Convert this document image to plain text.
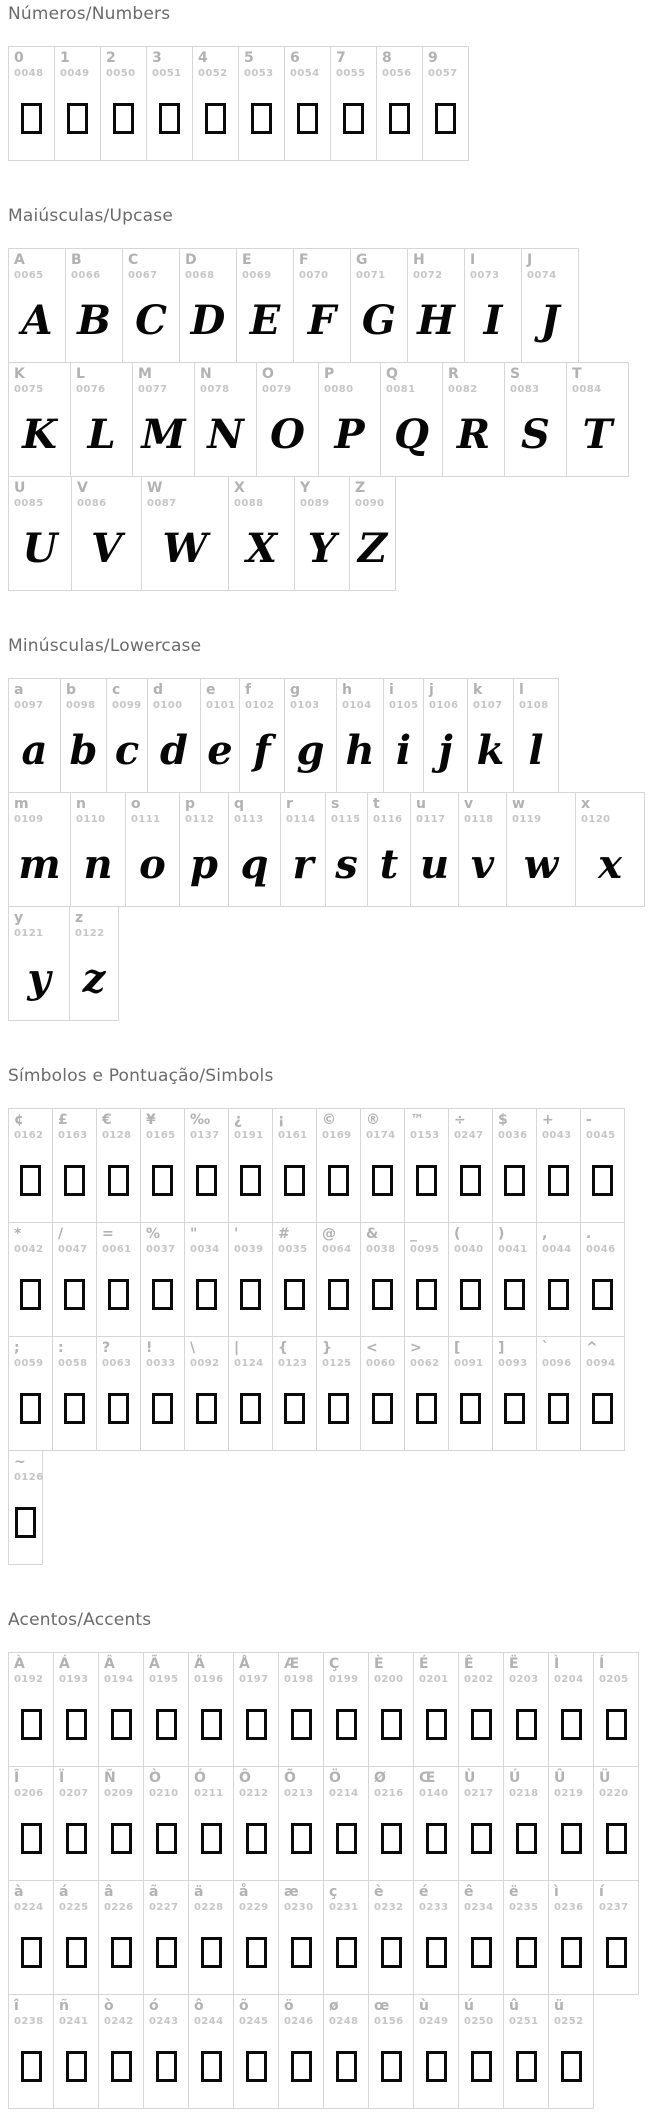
Números/Numbers
0
0048
1
0049
2
0050
3
0051
4
0052
5
0053
6
0054
7
0055
8
0056
9
0057
Maiúsculas/Upcase
A
0065
A
B
0066
B
C
0067
C
D
0068
D
E
0069
E
F
0070
F
G
0071
G
H
0072
H
I
0073
I
J
0074
J
K
0075
K
L
0076
L
M
0077
M
N
0078
N
O
0079
O
P
0080
P
Q
0081
Q
R
0082
R
S
0083
S
T
0084
T
U
0085
U
V
0086
V
W
0087
W
X
0088
X
Y
0089
Y
Z
0090
Z
Minúsculas/Lowercase
a
0097
a
b
0098
b
c
0099
c
d
0100
d
e
0101
e
f
0102
f
g
0103
g
h
0104
h
i
0105
i
j
0106
j
k
0107
k
l
0108
l
m
0109
m
n
0110
n
o
0111
o
p
0112
p
q
0113
q
r
0114
r
s
0115
s
t
0116
t
u
0117
u
v
0118
v
w
0119
w
x
0120
x
y
0121
y
z
0122
z
Símbolos e Pontuação/Simbols
¢
0162
£
0163
€
0128
¥
0165
‰
0137
¿
0191
¡
0161
©
0169
®
0174
™
0153
÷
0247
$
0036
+
0043
-
0045
*
0042
/
0047
=
0061
%
0037
"
0034
'
0039
#
0035
@
0064
&
0038
_
0095
(
0040
)
0041
,
0044
.
0046
;
0059
:
0058
?
0063
!
0033
\
0092
|
0124
{
0123
}
0125
<
0060
>
0062
[
0091
]
0093
`
0096
^
0094
~
0126
Acentos/Accents
À
0192
Á
0193
Â
0194
Ã
0195
Ä
0196
Å
0197
Æ
0198
Ç
0199
È
0200
É
0201
Ê
0202
Ë
0203
Ì
0204
Í
0205
Î
0206
Ï
0207
Ñ
0209
Ò
0210
Ó
0211
Ô
0212
Õ
0213
Ö
0214
Ø
0216
Œ
0140
Ù
0217
Ú
0218
Û
0219
Ü
0220
à
0224
á
0225
â
0226
ã
0227
ä
0228
å
0229
æ
0230
ç
0231
è
0232
é
0233
ê
0234
ë
0235
ì
0236
í
0237
î
0238
ñ
0241
ò
0242
ó
0243
ô
0244
õ
0245
ö
0246
ø
0248
œ
0156
ù
0249
ú
0250
û
0251
ü
0252
